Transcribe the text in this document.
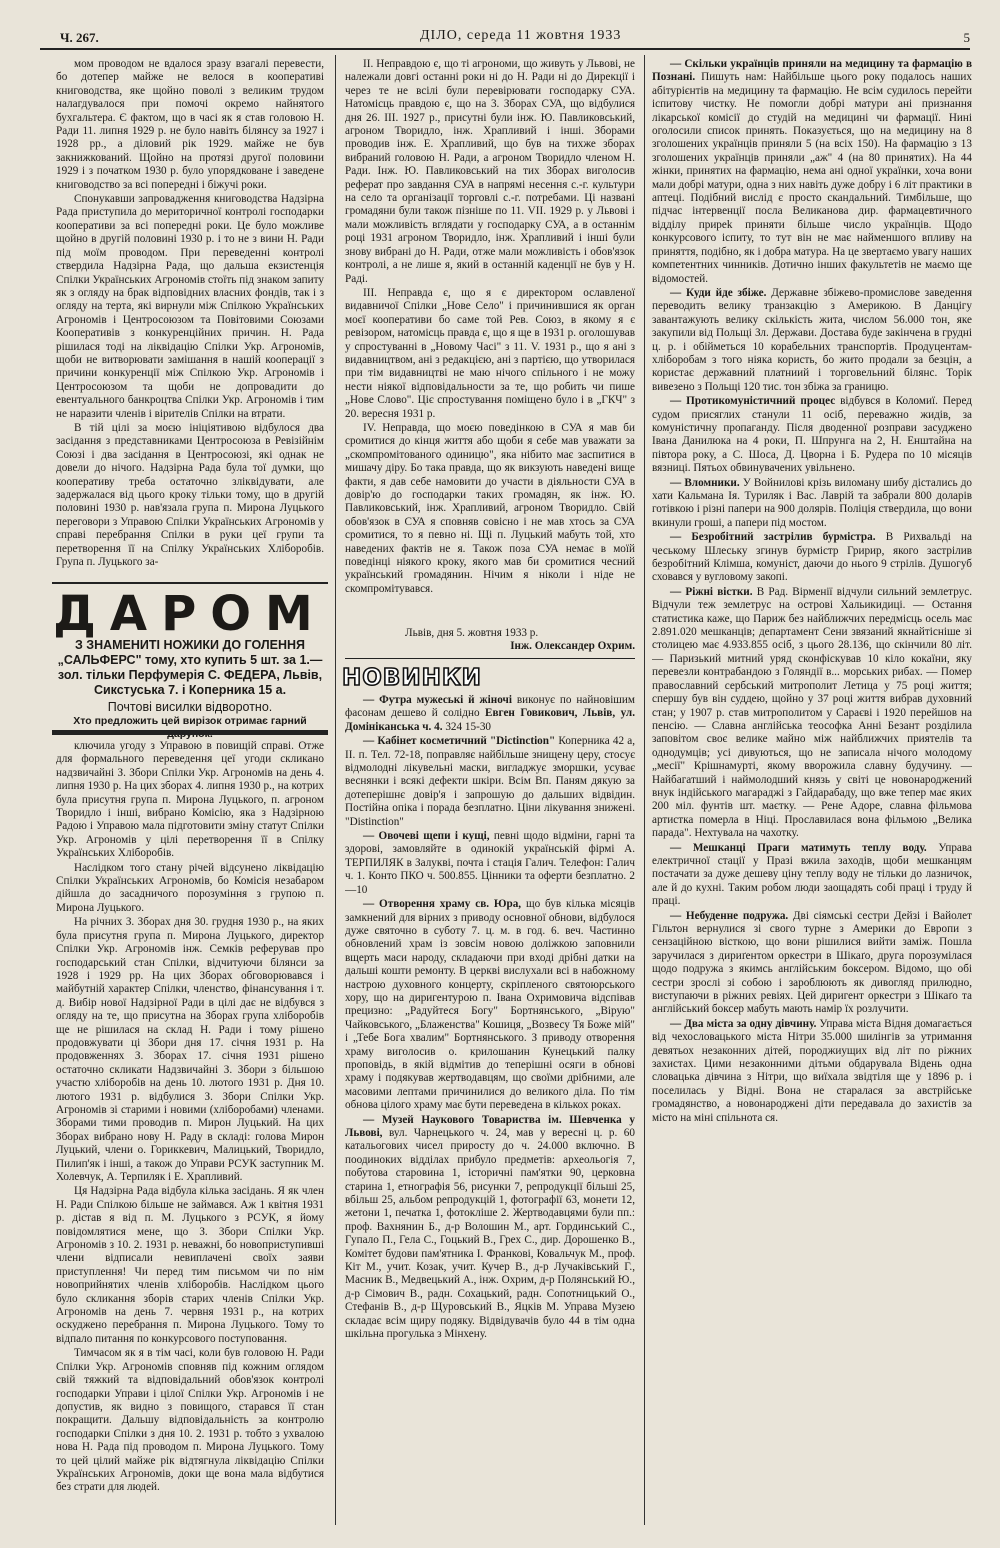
Ч. 267.	ДІЛО, середа 11 жовтня 1933	5

мом проводом не вдалося зразу взагалі перевести, бо дотепер майже не велося в кооперативі книговодства, яке щойно поволі з великим трудом налагдувалося при помочі окремо найнятого бухгальтера. Є фактом, що в часі як я став головою Н. Ради 11. липня 1929 р. не було навіть білянсу за 1927 і 1928 рр., а діловий рік 1929. майже не був закнижкований. Щойно на протязі другої половини 1929 і з початком 1930 р. було упорядковане і заведене книговодство за всі попередні і біжучі роки.

Спонукавши запровадження книговодства Надзірна Рада приступила до мериторичної контролі господарки кооперативи за всі попередні роки. Це було можливе щойно в другій половині 1930 р. і то не з вини Н. Ради під моїм проводом. При переведенні контролі ствердила Надзірна Рада, що дальша екзистенція Спілки Українських Агрономів стоїть під знаком запиту як з огляду на брак відповідних власних фондів, так і з огляду на терта, які вирнули між Спілкою Українських Агрономів і Центросоюзом та Повітовими Союзами Кооперативів з конкуренційних причин. Н. Рада рішилася тоді на ліквідацію Спілки Укр. Агрономів, щоби не витворювати замішання в нашій кооперації з причини конкуренції між Спілкою Укр. Агрономів і Центросоюзом та щоби не допровадити до евентуального банкроцтва Спілки Укр. Агрономів і тим не наразити членів і вірителів Спілки на втрати.

В тій цілі за моєю ініціятивою відбулося два засідання з представниками Центросоюза в Ревізійнім Союзі і два засідання в Центросоюзі, які однак не довели до нічого. Надзірна Рада була тої думки, що кооперативу треба остаточно зліквідувати, але задержалася від цього кроку тільки тому, що в другій половині 1930 р. нав'язала група п. Мирона Луцького переговори з Управою Спілки Українських Агрономів у справі перебрання Спілки в руки цеї групи та перетворення її на Спілку Українських Хліборобів. Група п. Луцького за-

ДАРОМ
З ЗНАМЕНИТІ НОЖИКИ ДО ГОЛЕННЯ „САЛЬФЕРС" тому, хто купить 5 шт. за 1.— зол. тільки Перфумерія С. ФЕДЕРА, Львів, Сикстуська 7. і Коперника 15 а.
Почтові висилки відворотно.
Хто предложить цей вирізок отримає гарний

ключила угоду з Управою в повищій справі. Отже для формального переведення цеї угоди скликано надзвичайні З. Збори Спілки Укр. Агрономів на день 4. липня 1930 р. На цих зборах 4. липня 1930 р., на котрих була присутня група п. Мирона Луцького, п. агроном Творидло і інші, вибрано Комісію, яка з Надзірною Радою і Управою мала підготовити зміну статут Спілки Укр. Агрономів у цілі перетворення її в Спілку Українських Хліборобів.

Наслідком того стану річей відсунено ліквідацію Спілки Українських Агрономів, бо Комісія незабаром дійшла до засадничого порозуміння з групою п. Мирона Луцького.

На річних З. Зборах дня 30. грудня 1930 р., на яких була присутня група п. Мирона Луцького, директор Спілки Укр. Агрономів інж. Семків реферував про господарський стан Спілки, відчитуючи білянси за 1928 і 1929 рр. На цих Зборах обговорювався і майбутній характер Спілки, членство, фінансування і т. д. Вибір нової Надзірної Ради в цілі дає не відбувся з огляду на те, що присутна на Зборах група хліборобів ще не рішилася на склад Н. Ради і тому рішено продовжувати ці Збори дня 17. січня 1931 р. На продовженнях З. Зборах 17. січня 1931 рішено остаточно скликати Надзвичайні З. Збори з більшою участю хліборобів на день 10. лютого 1931 р. Дня 10. лютого 1931 р. відбулися З. Збори Спілки Укр. Агрономів зі старими і новими (хліборобами) членами. Зборами тими проводив п. Мирон Луцький. На цих Зборах вибрано нову Н. Раду в складі: голова Мирон Луцький, члени о. Гориккевич, Малицький, Творидло, Пилип'як і інші, а також до Управи РСУК заступник М. Холевчук, А. Терпиляк і Е. Храпливий.

Ця Надзірна Рада відбула кілька засідань. Я як член Н. Ради Спілкою більше не займався. Аж 1 квітня 1931 р. дістав я від п. М. Луцького з РСУК, я йому повідомлятися мене, що З. Збори Спілки Укр. Агрономів з 10. 2. 1931 р. неважні, бо новоприступивші члени відписали невиплачені своїх заяви приступлення! Чи перед тим письмом чи по нім новоприйнятих членів хліборобів. Наслідком цього було скликання зборів старих членів Спілки Укр. Агрономів на день 7. червня 1931 р., на котрих оскуджено перебрання п. Мирона Луцького. Тому то відпало питання по конкурсового поступовання.

Тимчасом як я в тім часі, коли був головою Н. Ради Спілки Укр. Агрономів сповняв під кожним оглядом свій тяжкий та відповідальний обов'язок контролі господарки Управи і цілої Спілки Укр. Агрономів і не допустив, як видно з повищого, старався її стан покращити. Дальшу відповідальність за контролю господарки Спілки з дня 10. 2. 1931 р. тобто з ухвалою нова Н. Рада під проводом п. Мирона Луцького. Тому то цей цілий майже рік відтягнула ліквідацію Спілки Українських Агрономів, доки ще вона мала відбутися без страти для людей.

II. Неправдою є, що ті агрономи, що живуть у Львові, не належали довгі останні роки ні до Н. Ради ні до Дирекції і через те не всілі були перевірювати господарку СУА. Натомісць правдою є, що на 3. Зборах СУА, що відбулися дня 26. III. 1927 р., присутні були інж. Ю. Павликовський, агроном Творидло, інж. Храпливий і інші. Зборами проводив інж. Е. Храпливий, що був на тихже зборах вибраний головою Н. Ради, а агроном Творидло членом Н. Ради. Інж. Ю. Павликовський на тих Зборах виголосив реферат про завдання СУА в напрямі несення с.-г. культури на село та організації торговлі с.-г. потребами. Ці названі громадяни були також пізніше по 11. VII. 1929 р. у Львові і мали можливість вглядати у господарку СУА, а в останнім році 1931 агроном Творидло, інж. Храпливий і інші були знову вибрані до Н. Ради, отже мали можливість і обов'язок контролі, а не лише я, який в останній каденції не був у Н. Раді.

III. Неправда є, що я є директором ославленої видавничої Спілки „Нове Село" і причинившися як орган моєї кооперативи бо саме той Рев. Союз, в якому я є ревізором, натомісць правда є, що я ще в 1931 р. оголошував у спростуванні в „Новому Часі" з 11. V. 1931 р., що я ані з видавництвом, ані з редакцією, ані з партією, що утворилася при тім видавництві не маю нічого спільного і не можу нести ніякої відповідальности за те, що робить чи пише „Нове Слово". Ціє спростування поміщено було і в „ГКЧ" з 20. вересня 1931 р.

IV. Неправда, що моєю поведінкою в СУА я мав би сромитися до кінця життя або щоби я себе мав уважати за „скомпромітованого одиницю", яка нібито має заспитися в мишачу діру. Бо така правда, що як викзують наведені вище факти, я дав себе намовити до участи в діяльности СУА в довір'ю до господарки таких громадян, як інж. Ю. Павликовський, інж. Храпливий, агроном Творидло. Свій обов'язок в СУА я сповняв совісно і не мав хтось за СУА сромитися, то я певно ні. Щі п. Луцький мабуть той, хто наведених фактів не я. Також поза СУА немає в моїй поведінці ніякого кроку, якого мав би сромитися чесний український громадянин. Нічим я ніколи і ніде не скомпромітувався.

Львів, дня 5. жовтня 1933 р.
Інж. Олександер Охрим.
НОВИНКИ

— Футра мужеські й жіночі виконує по найновішим фасонам дешево й солідно Евген Говикович, Львів, ул. Домініканська ч. 4. 324 15-30

— Кабінет косметичний "Dictinction" Коперника 42 а, II. п. Тел. 72-18, поправляє найбільше знищену церу, стосує відмолодні лікувельні маски, вигладжує зморшки, усуває веснянки і всякі дефекти шкіри. Всім Вп. Паням дякую за дотеперішнє довір'я і запрошую до дальших відвідин. Постійна опіка і порада безплатно. Ціни лікування знижені. "Distinction"

— Овочеві щепи і кущі, певні щодо відміни, гарні та здорові, замовляйте в одинокій українській фірмі А. ТЕРПИЛЯК в Залукві, почта і стація Галич. Телефон: Галич ч. 1. Конто ПКО ч. 500.855. Цінники та оферти безплатно. 2—10

— Отворення храму св. Юра, що був кілька місяців замкнений для вірних з приводу основної обнови, відбулося дуже святочно в суботу 7. ц. м. в год. 6. веч. Частинно обновлений храм із зовсім новою доліжкою заповнили вщерть маси народу, складаючи при вході дрібні датки на дальші кошти ремонту. В церкві вислухали всі в набожному настрою духовного концерту, скріпленого святоюрського хору, що на диригентурою п. Івана Охримовича відспівав прецизно: „Радуйтеся Богу" Бортнянського, „Вірую" Чайковського, „Блаженства" Кошиця, „Возвесу Тя Боже мій" і „Тебе Бога хвалим" Бортнянського. З приводу отворення храму виголосив о. крилошанин Кунецький палку проповідь, в якій відмітив до теперішні осяги в обнові храму і подякував жертводавцям, що своїми дрібними, але масовими лептами причинилися до великого діла. По тім обнова цілого храму має бути переведена в кількох роках.

— Музей Наукового Товариства ім. Шевченка у Львові, вул. Чарнецького ч. 24, мав у вересні ц. р. 60 катальогових чисел приросту до ч. 24.000 включно. В поодиноких відділах прибуло предметів: археольогія 7, побутова старовина 1, історичні пам'ятки 90, церковна старина 1, етнографія 56, рисунки 7, репродукції більші 25, вбільш 25, альбом репродукцій 1, фотографії 63, монети 12, жетони 1, печатка 1, фотокліше 2. Жертводавцями були пп.: проф. Вахнянин Б., д-р Волошин М., арт. Гординський С., Гупало П., Гела С., Гоцький В., Грех С., дир. Дорошенко В., Комітет будови пам'ятника І. Франкові, Ковальчук М., проф. Кіт М., учит. Козак, учит. Кучер В., д-р Лучаківський Г., Масник В., Медвецький А., інж. Охрим, д-р Полянський Ю., д-р Сімович В., радн. Сохацький, радн. Сопотницький О., Стефанів В., д-р Щуровський В., Яцків М. Управа Музею складає всім щиру подяку. Відвідувачів було 44 в тім одна шкільна прогулька з Мінхену.

— Скільки українців приняли на медицину та фармацію в Познані. Пишуть нам: Найбільше цього року подалось наших абітурієнтів на медицину та фармацію. Не всім судилось перейти іспитову чистку. Не помогли добрі матури ані признання лікарської комісії до студій на медицині чи фармації. Нині оголосили список принять. Показується, що на медицину на 8 зголошених українців приняли 5 (на всіх 150). На фармацію з 13 зголошених українців приняли „аж" 4 (на 80 принятих). На 44 жінки, принятих на фармацію, нема ані одної українки, хоча вони мали добрі матури, одна з них навіть дуже добру і 6 літ практики в аптеці. Подібний вислід є просто скандальний. Тимбільше, що підчас інтервенції посла Великанова дир. фармацевтичного відділу приреk приняти більше число українців. Щодо конкурсового іспиту, то тут він не має найменшого впливу на приняття, подібно, як і добра матура. На це звертаємо увагу наших компетентних чинників. Дотично інших факультетів не маємо ще відомостей.

— Куди йде збіже. Державне збіжево-промислове заведення переводить велику транзакцію з Америкою. В Данцігу завантажують велику скількість жита, числом 56.000 тон, яке закупили від Польщі Зл. Держави. Достава буде закінчена в грудні ц. р. і обійметься 10 корабельних транспортів. Продуцентам-хліборобам з того ніяка користь, бо жито продали за безцін, а користає державний платниий і торговельний білянс. Торік вивезено з Польщі 120 тис. тон збіжа за границю.

— Протикомуністичний процес відбувся в Коломиї. Перед судом присяглих станули 11 осіб, переважно жидів, за комуністичну пропаганду. Після дводенної розправи засуджено Івана Данилюка на 4 роки, П. Шпрунга на 2, Н. Енштайна на півтора року, а С. Шоса, Д. Цворна і Б. Рудера по 10 місяців вязниці. Пятьох обвинувачених увільнено.

— Вломники. У Войнилові крізь виломану шибу дістались до хати Кальмана Ія. Туриляк і Вас. Лаврій та забрали 800 доларів готівкою і різні папери на 900 долярів. Поліція ствердила, що вони вкинули гроші, а папери під мостом.

— Безробітний застрілив бурмістра. В Рихвальді на чеському Шлеську згинув бурмістр Гририр, якого застрілив безробітний Клімша, комуніст, даючи до нього 9 стрілів. Душогуб сховався у вугловому закопі.

— Ріжні вістки. В Рад. Вірменії відчули сильний землетрус. Відчули теж землетрус на острові Хальикидиці. — Остання статистика каже, що Париж без найближчих передмісць осель має 2.891.020 мешканців; департамент Сени звязаний якнайтісніше зі столицею має 4.933.855 осіб, з цього 28.136, що скінчили 80 літ. — Паризький митний уряд сконфіскував 10 кіло кокаїни, яку перевезли контрабандою з Голяндії в... морських рибах. — Помер православний сербський митрополит Летица у 75 році життя; спершу був він суддею, щойно у 37 році життя вибрав духовний стан; у 1907 р. став митрополитом у Сараєві і 1920 перейшов на пенсію. — Славна англійська теософка Анні Безант розділила заповітом своє велике майно між найближчих приятелів та однодумців; усі дивуються, що не записала нічого молодому „месії" Крішнамурті, якому вворожила славну будучину. — Найбагатший і наймолодший князь у світі це новонароджений внук індійського магараджі з Гайдарабаду, що вже тепер має яких 200 міл. фунтів шт. маєтку. — Рене Адоре, славна фільмова артистка померла в Ніці. Прославилася вона фільмою „Велика парада". Нехтувала на чахотку.

— Мешканці Праги матимуть теплу воду. Управа електричної стації у Празі вжила заходів, щоби мешканцям постачати за дуже дешеву ціну теплу воду не тільки до лазничок, але й до кухні. Таким робом люди заощадять собі праці і труду й праці.

— Небуденне подружа. Дві сіямські сестри Дейзі і Вайолет Гільтон вернулися зі свого турне з Америки до Европи з сензаційною вісткою, що вони рішилися вийти заміж. Пошла заручилася з дириґентом оркестри в Шікаґо, друга порозумілася щодо подружа з якимсь англійським боксером. Відомо, що обі сестри зрослі зі собою і зароблюють як дивогляд прилюдно, виступаючи в ріжних ревіях. Цей диригент оркестри з Шікаґо та англійський боксер мабуть мають намір їх розлучити.

— Два міста за одну дівчину. Управа міста Відня домагається від чехословацького міста Нітри 35.000 шилінгів за утримання девятьох незаконних дітей, породжиущих від літ по ріжних захистах. Цими незаконними дітьми обдарувала Відень одна словацька дівчина з Нітри, що виїхала звідтіля ще у 1896 р. і поселилась у Відні. Вона не старалася за австрійське громадянство, а новонароджені діти передавала до захистів за місто на міні спільнота ся.
